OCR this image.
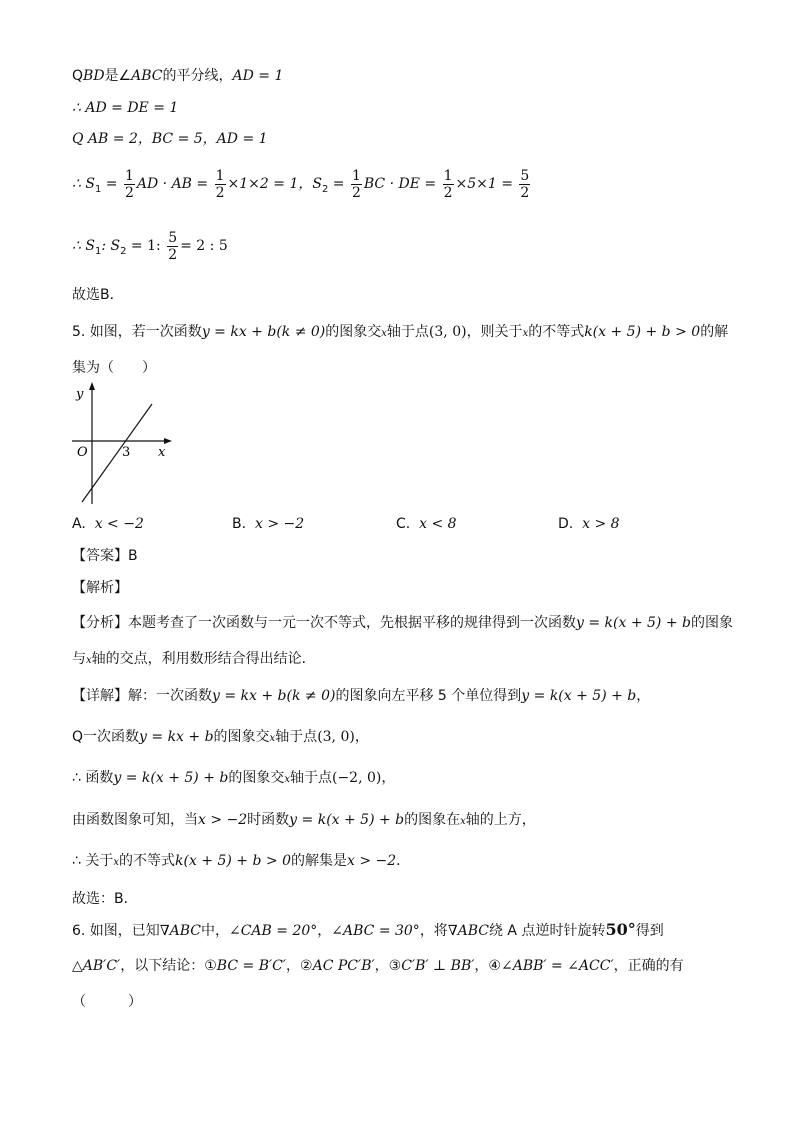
QBD是∠ABC的平分线，AD = 1
∴ AD = DE = 1
Q AB = 2，BC = 5，AD = 1
∴ $S_1 = \frac{1}{2}$ AD · AB = $\frac{1}{2} \times 1\times 2 = 1$，$S_2 = \frac{1}{2}$ BC · DE = $\frac{1}{2} \times 5\times 1 = \frac{5}{2}$
∴ $S_1$: $S_2 = 1$: $\frac{5}{2} = 2$ : 5
故选B．
5. 如图，若一次函数y = kx + b(k ≠ 0)的图象交x轴于点(3, 0)，则关于x的不等式k(x + 5) + b > 0的解
集为（　　）
y
O	3 x
A. x < −2	B. x > −2	C. x < 8	D. x > 8
【答案】B
【解析】
【分析】本题考查了一次函数与一元一次不等式，先根据平移的规律得到一次函数y = k(x + 5) + b的图象
与x轴的交点，利用数形结合得出结论．
【详解】解：一次函数y = kx + b(k ≠ 0)的图象向左平移 5 个单位得到y = k(x + 5) + b，
Q一次函数y = kx + b的图象交x轴于点(3, 0)，
∴ 函数y = k(x + 5) + b的图象交x轴于点(−2, 0)，
由函数图象可知，当x > −2时函数y = k(x + 5) + b的图象在x轴的上方，
∴ 关于x的不等式k(x + 5) + b > 0的解集是x > −2．
故选：B．
6. 如图，已知∇ABC中，∠CAB = 20°，∠ABC = 30°，将∇ABC绕 A 点逆时针旋转50°得到
△AB′C′，以下结论：①BC = B′C′，②AC PC′B′，③C′B′ ⊥ BB′，④∠ABB′ = ∠ACC′，正确的有
（　　　）
